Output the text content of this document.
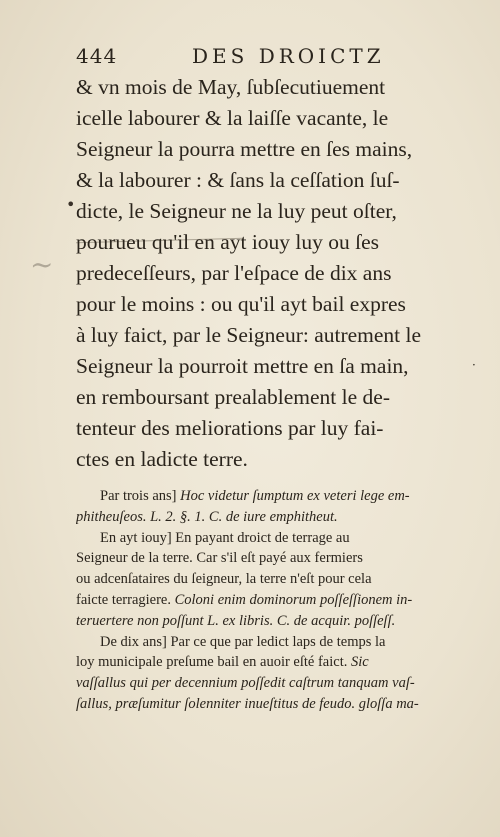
444	DES DROICTZ
•
~
·
& vn mois de May, ſubſecutiuement
icelle labourer & la laiſſe vacante, le
Seigneur la pourra mettre en ſes mains,
& la labourer : & ſans la ceſſation ſuſ-
dicte, le Seigneur ne la luy peut oſter,
pourueu qu'il en ayt iouy luy ou ſes
predeceſſeurs, par l'eſpace de dix ans
pour le moins : ou qu'il ayt bail expres
à luy faict, par le Seigneur: autrement le
Seigneur la pourroit mettre en ſa main,
en remboursant prealablement le de-
tenteur des meliorations par luy fai-
ctes en ladicte terre.
Par trois ans] Hoc videtur ſumptum ex veteri lege em-
phitheuſeos. L. 2. §. 1. C. de iure emphitheut.
En ayt iouy] En payant droict de terrage au
Seigneur de la terre. Car s'il eſt payé aux fermiers
ou adcenſataires du ſeigneur, la terre n'eſt pour cela
faicte terragiere. Coloni enim dominorum poſſeſſionem in-
teruertere non poſſunt L. ex libris. C. de acquir. poſſeſſ.
De dix ans] Par ce que par ledict laps de temps la
loy municipale preſume bail en auoir eſté faict. Sic
vaſſallus qui per decennium poſſedit caſtrum tanquam vaſ-
ſallus, præſumitur ſolenniter inueſtitus de feudo. gloſſa ma-
